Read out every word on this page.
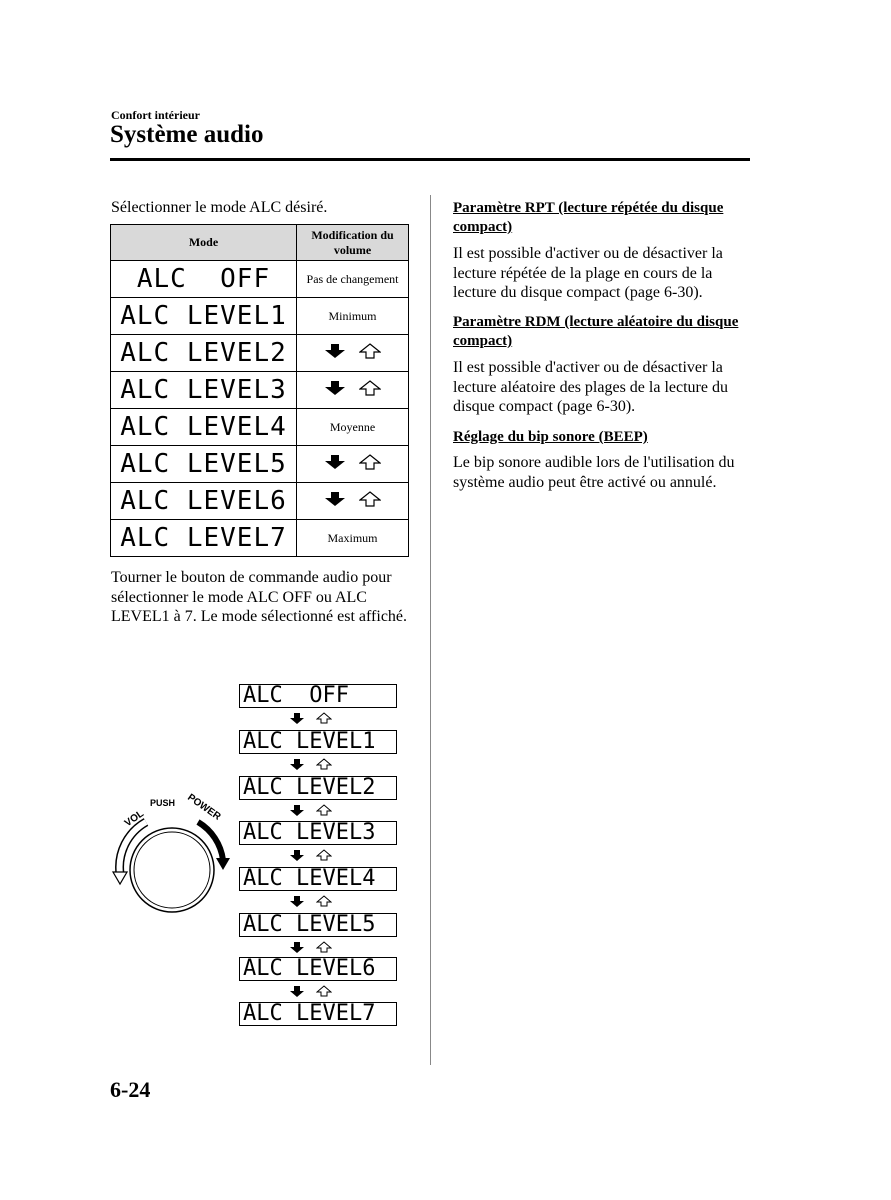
Confort intérieur
Système audio
Sélectionner le mode ALC désiré.
Mode	Modification du volume
ALC  OFF	Pas de changement
ALC LEVEL1	Minimum
ALC LEVEL2	

ALC LEVEL3	

ALC LEVEL4	Moyenne
ALC LEVEL5	

ALC LEVEL6	

ALC LEVEL7	Maximum
Tourner le bouton de commande audio pour sélectionner le mode ALC OFF ou ALC LEVEL1 à 7. Le mode sélectionné est affiché.
VOL
PUSH POWER
ALC  OFF
ALC LEVEL1
ALC LEVEL2
ALC LEVEL3
ALC LEVEL4
ALC LEVEL5
ALC LEVEL6
ALC LEVEL7
Paramètre RPT (lecture répétée du disque compact)
Il est possible d'activer ou de désactiver la lecture répétée de la plage en cours de la lecture du disque compact (page 6-30).
Paramètre RDM (lecture aléatoire du disque compact)
Il est possible d'activer ou de désactiver la lecture aléatoire des plages de la lecture du disque compact (page 6-30).
Réglage du bip sonore (BEEP)
Le bip sonore audible lors de l'utilisation du système audio peut être activé ou annulé.
6-24
